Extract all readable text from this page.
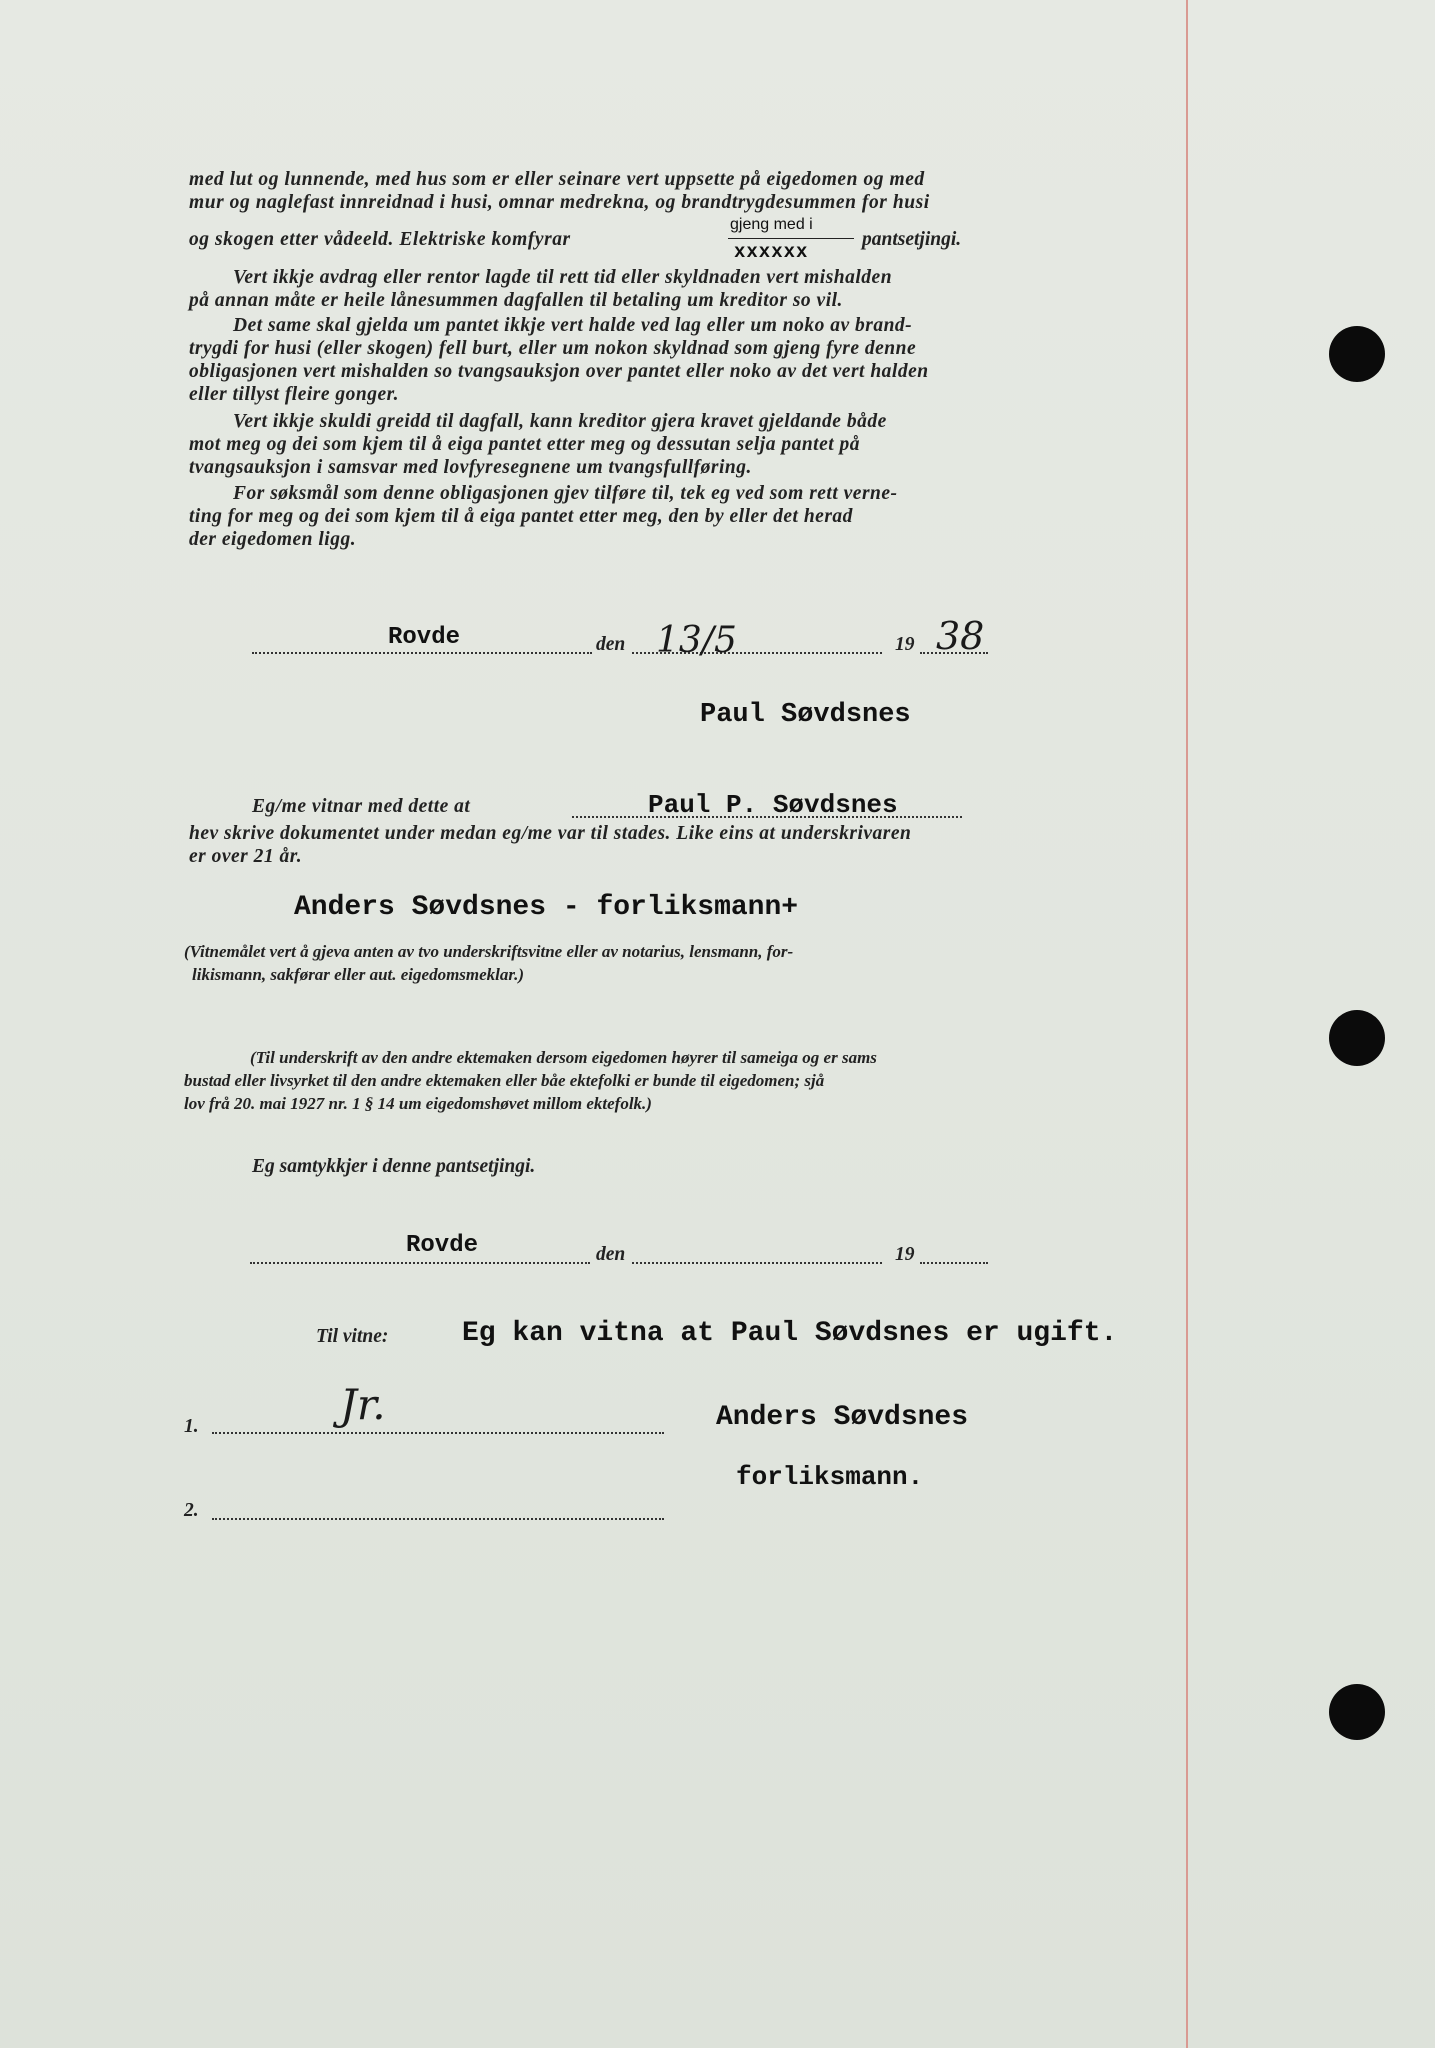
med lut og lunnende, med hus som er eller seinare vert uppsette på eigedomen og med

mur og naglefast innreidnad i husi, omnar medrekna, og brandtrygdesummen for husi

og skogen etter vådeeld. Elektriske komfyrar
gjeng med i
xxxxxx
pantsetjingi.

Vert ikkje avdrag eller rentor lagde til rett tid eller skyldnaden vert mishalden

på annan måte er heile lånesummen dagfallen til betaling um kreditor so vil.

Det same skal gjelda um pantet ikkje vert halde ved lag eller um noko av brand-

trygdi for husi (eller skogen) fell burt, eller um nokon skyldnad som gjeng fyre denne

obligasjonen vert mishalden so tvangsauksjon over pantet eller noko av det vert halden

eller tillyst fleire gonger.

Vert ikkje skuldi greidd til dagfall, kann kreditor gjera kravet gjeldande både

mot meg og dei som kjem til å eiga pantet etter meg og dessutan selja pantet på

tvangsauksjon i samsvar med lovfyresegnene um tvangsfullføring.

For søksmål som denne obligasjonen gjev tilføre til, tek eg ved som rett verne-

ting for meg og dei som kjem til å eiga pantet etter meg, den by eller det herad

der eigedomen ligg.

Rovde	den 13/5	19 38
Paul Søvdsnes
Eg/me vitnar med dette at	Paul P. Søvdsnes

hev skrive dokumentet under medan eg/me var til stades. Like eins at underskrivaren

er over 21 år.

Anders Søvdsnes - forliksmann+

(Vitnemålet vert å gjeva anten av tvo underskriftsvitne eller av notarius, lensmann, for-

likismann, sakførar eller aut. eigedomsmeklar.)

(Til underskrift av den andre ektemaken dersom eigedomen høyrer til sameiga og er sams

bustad eller livsyrket til den andre ektemaken eller båe ektefolki er bunde til eigedomen; sjå

lov frå 20. mai 1927 nr. 1 § 14 um eigedomshøvet millom ektefolk.)

Eg samtykkjer i denne pantsetjingi.
Rovde	den	19
Til vitne:	Eg kan vitna at Paul Søvdsnes er ugift.
Jr.
1.	Anders Søvdsnes
forliksmann.
2.
